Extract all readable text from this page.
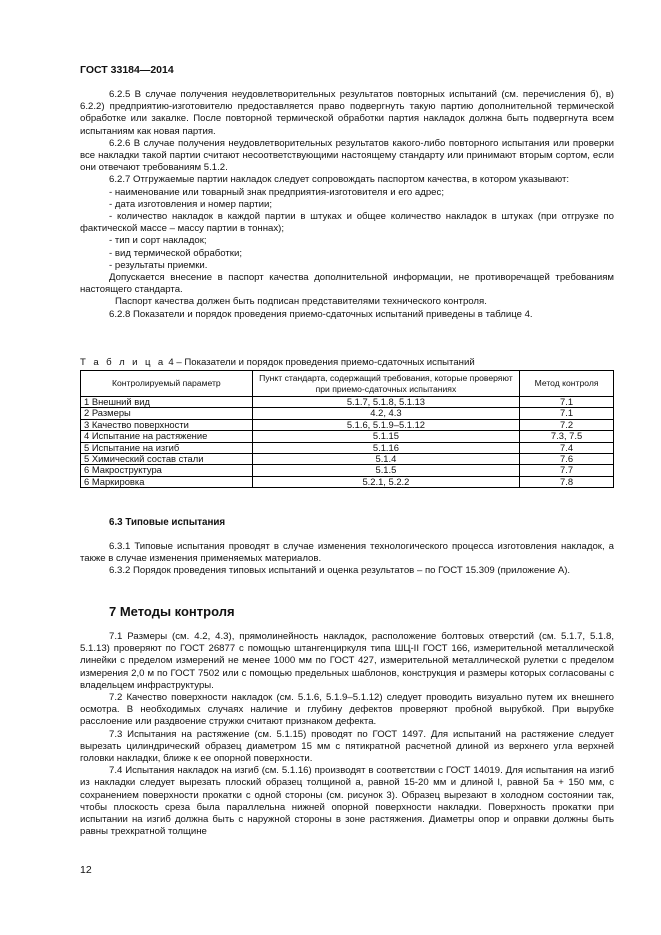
ГОСТ 33184—2014

6.2.5 В случае получения неудовлетворительных результатов повторных испытаний (см. перечисления б), в) 6.2.2) предприятию-изготовителю предоставляется право подвергнуть такую партию дополнительной термической обработке или закалке. После повторной термической обработки партия накладок должна быть подвергнута всем испытаниям как новая партия.

6.2.6 В случае получения неудовлетворительных результатов какого-либо повторного испытания или проверки все накладки такой партии считают несоответствующими настоящему стандарту или принимают вторым сортом, если они отвечают требованиям 5.1.2.

6.2.7 Отгружаемые партии накладок следует сопровождать паспортом качества, в котором указывают:

- наименование или товарный знак предприятия-изготовителя и его адрес;

- дата изготовления и номер партии;

- количество накладок в каждой партии в штуках и общее количество накладок в штуках (при отгрузке по фактической массе – массу партии в тоннах);

- тип и сорт накладок;

- вид термической обработки;

- результаты приемки.

Допускается внесение в паспорт качества дополнительной информации, не противоречащей требованиям настоящего стандарта.

Паспорт качества должен быть подписан представителями технического контроля.

6.2.8 Показатели и порядок проведения приемо-сдаточных испытаний приведены в таблице 4.

Т а б л и ц а 4 – Показатели и порядок проведения приемо-сдаточных испытаний
Контролируемый параметр	Пункт стандарта, содержащий требования, которые проверяют при приемо-сдаточных испытаниях	Метод контроля
1 Внешний вид	5.1.7, 5.1.8, 5.1.13	7.1
2 Размеры	4.2, 4.3	7.1
3 Качество поверхности	5.1.6, 5.1.9–5.1.12	7.2
4 Испытание на растяжение	5.1.15	7.3, 7.5
5 Испытание на изгиб	5.1.16	7.4
5 Химический состав стали	5.1.4	7.6
6 Макроструктура	5.1.5	7.7
6 Маркировка	5.2.1, 5.2.2	7.8
6.3 Типовые испытания

6.3.1 Типовые испытания проводят в случае изменения технологического процесса изготовления накладок, а также в случае изменения применяемых материалов.

6.3.2 Порядок проведения типовых испытаний и оценка результатов – по ГОСТ 15.309 (приложение А).

7 Методы контроля

7.1 Размеры (см. 4.2, 4.3), прямолинейность накладок, расположение болтовых отверстий (см. 5.1.7, 5.1.8, 5.1.13) проверяют по ГОСТ 26877 с помощью штангенциркуля типа ШЦ-II ГОСТ 166, измерительной металлической линейки с пределом измерений не менее 1000 мм по ГОСТ 427, измерительной металлической рулетки с пределом измерения 2,0 м по ГОСТ 7502 или с помощью предельных шаблонов, конструкция и размеры которых согласованы с владельцем инфраструктуры.

7.2 Качество поверхности накладок (см. 5.1.6, 5.1.9–5.1.12) следует проводить визуально путем их внешнего осмотра. В необходимых случаях наличие и глубину дефектов проверяют пробной вырубкой. При вырубке расслоение или раздвоение стружки считают признаком дефекта.

7.3 Испытания на растяжение (см. 5.1.15) проводят по ГОСТ 1497. Для испытаний на растяжение следует вырезать цилиндрический образец диаметром 15 мм с пятикратной расчетной длиной из верхнего угла верхней головки накладки, ближе к ее опорной поверхности.

7.4 Испытания накладок на изгиб (см. 5.1.16) производят в соответствии с ГОСТ 14019. Для испытания на изгиб из накладки следует вырезать плоский образец толщиной а, равной 15-20 мм и длиной l, равной 5а + 150 мм, с сохранением поверхности прокатки с одной стороны (см. рисунок 3). Образец вырезают в холодном состоянии так, чтобы плоскость среза была параллельна нижней опорной поверхности накладки. Поверхность прокатки при испытании на изгиб должна быть с наружной стороны в зоне растяжения. Диаметры опор и оправки должны быть равны трехкратной толщине

12
